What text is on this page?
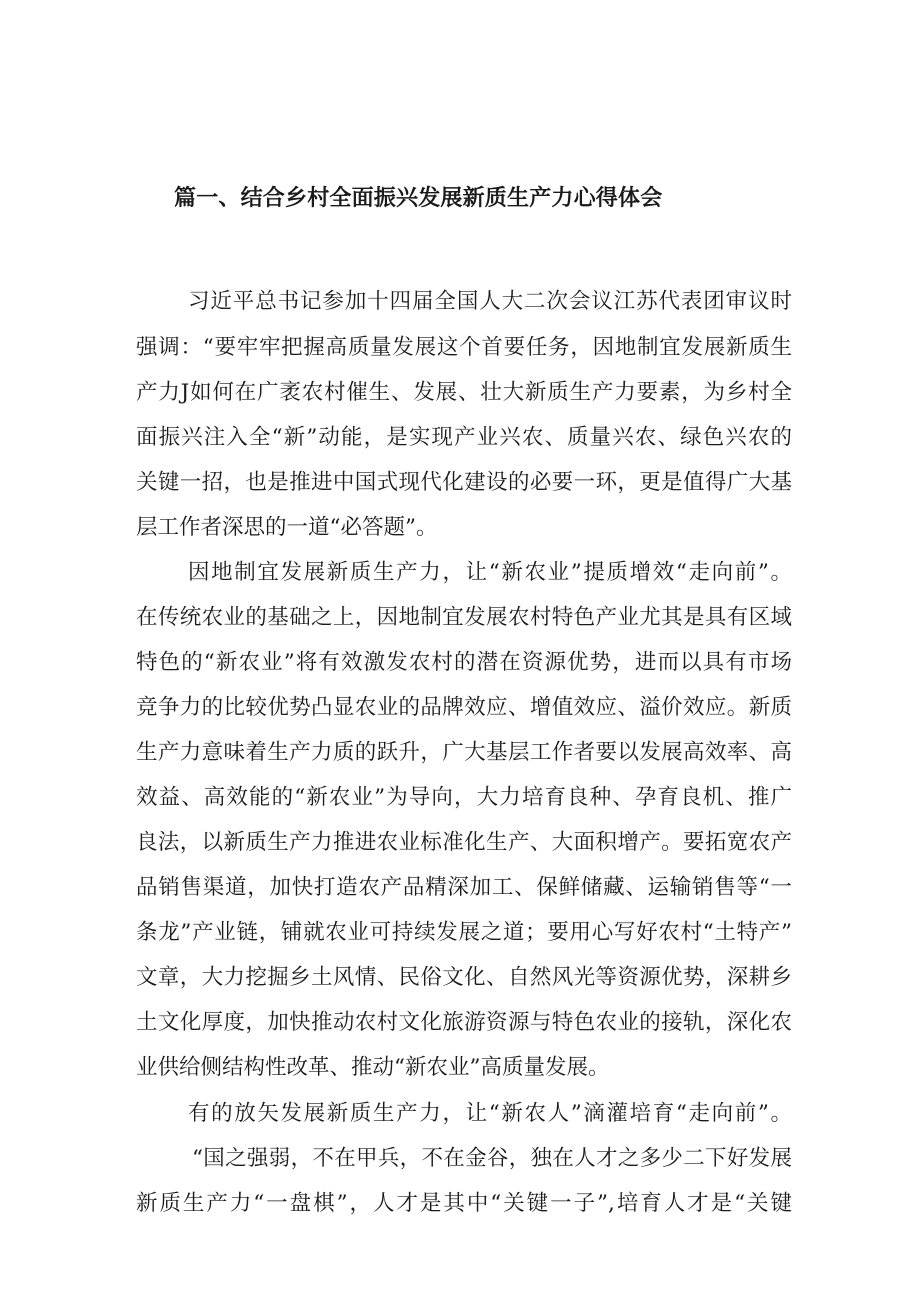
篇一、结合乡村全面振兴发展新质生产力心得体会

习近平总书记参加十四届全国人大二次会议江苏代表团审议时

强调：“要牢牢把握高质量发展这个首要任务，因地制宜发展新质生

产力J如何在广袤农村催生、发展、壮大新质生产力要素，为乡村全

面振兴注入全“新”动能，是实现产业兴农、质量兴农、绿色兴农的

关键一招，也是推进中国式现代化建设的必要一环，更是值得广大基

层工作者深思的一道“必答题”。

因地制宜发展新质生产力，让“新农业”提质增效“走向前”。

在传统农业的基础之上，因地制宜发展农村特色产业尤其是具有区域

特色的“新农业”将有效激发农村的潜在资源优势，进而以具有市场

竞争力的比较优势凸显农业的品牌效应、增值效应、溢价效应。新质

生产力意味着生产力质的跃升，广大基层工作者要以发展高效率、高

效益、高效能的“新农业”为导向，大力培育良种、孕育良机、推广

良法，以新质生产力推进农业标准化生产、大面积增产。要拓宽农产

品销售渠道，加快打造农产品精深加工、保鲜储藏、运输销售等“一

条龙”产业链，铺就农业可持续发展之道；要用心写好农村“土特产”

文章，大力挖掘乡土风情、民俗文化、自然风光等资源优势，深耕乡

土文化厚度，加快推动农村文化旅游资源与特色农业的接轨，深化农

业供给侧结构性改革、推动“新农业”高质量发展。

有的放矢发展新质生产力，让“新农人”滴灌培育“走向前”。

“国之强弱，不在甲兵，不在金谷，独在人才之多少二下好发展

新质生产力“一盘棋”，人才是其中“关键一子”,培育人才是“关键
